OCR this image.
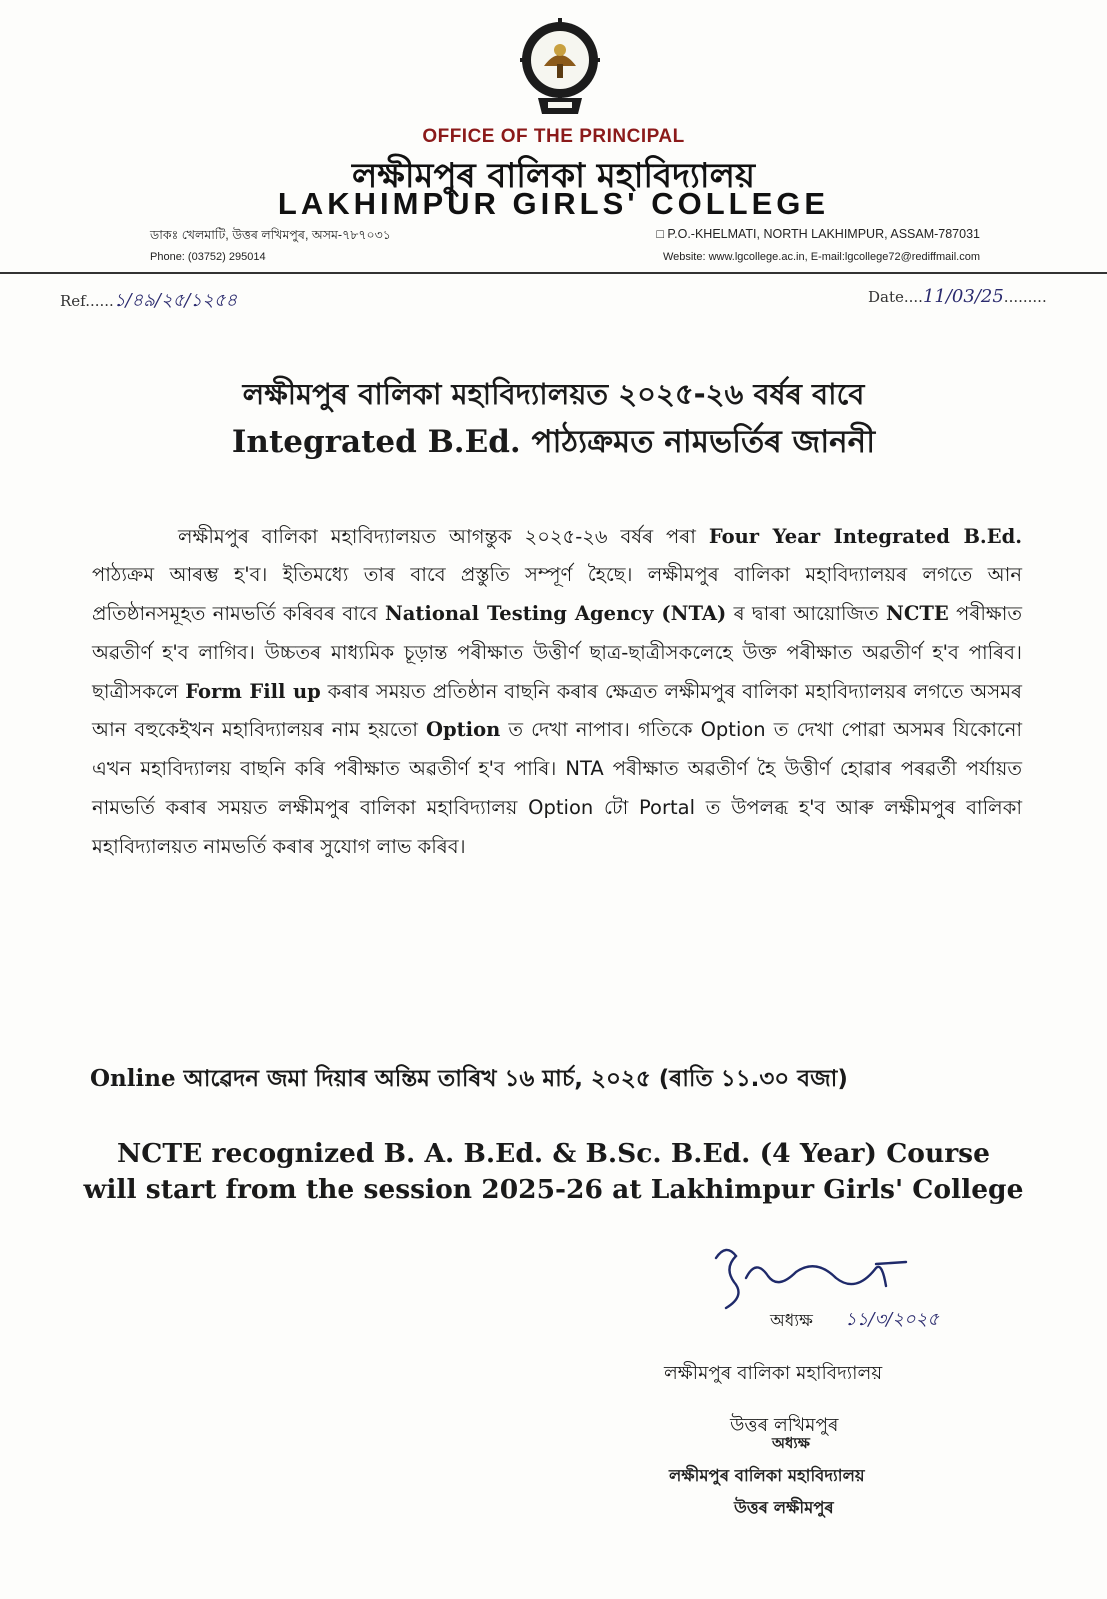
OFFICE OF THE PRINCIPAL
লক্ষীমপুৰ বালিকা মহাবিদ্যালয়
LAKHIMPUR GIRLS' COLLEGE
ডাকঃ খেলমাটি, উত্তৰ লখিমপুৰ, অসম-৭৮৭০৩১	□ P.O.-KHELMATI, NORTH LAKHIMPUR, ASSAM-787031
Phone: (03752) 295014	Website: www.lgcollege.ac.in, E-mail:lgcollege72@rediffmail.com
Ref......১/৪৯/২৫/১২৫৪	Date....11/03/25.........
লক্ষীমপুৰ বালিকা মহাবিদ্যালয়ত ২০২৫-২৬ বৰ্ষৰ বাবে
Integrated B.Ed. পাঠ্যক্ৰমত নামভৰ্তিৰ জাননী

লক্ষীমপুৰ বালিকা মহাবিদ্যালয়ত আগন্তুক ২০২৫-২৬ বৰ্ষৰ পৰা Four Year Integrated B.Ed. পাঠ্যক্ৰম আৰম্ভ হ'ব। ইতিমধ্যে তাৰ বাবে প্ৰস্তুতি সম্পূৰ্ণ হৈছে। লক্ষীমপুৰ বালিকা মহাবিদ্যালয়ৰ লগতে আন প্ৰতিষ্ঠানসমূহত নামভৰ্তি কৰিবৰ বাবে National Testing Agency (NTA) ৰ দ্বাৰা আয়োজিত NCTE পৰীক্ষাত অৱতীৰ্ণ হ'ব লাগিব। উচ্চতৰ মাধ্যমিক চূড়ান্ত পৰীক্ষাত উত্তীৰ্ণ ছাত্ৰ-ছাত্ৰীসকলেহে উক্ত পৰীক্ষাত অৱতীৰ্ণ হ'ব পাৰিব। ছাত্ৰীসকলে Form Fill up কৰাৰ সময়ত প্ৰতিষ্ঠান বাছনি কৰাৰ ক্ষেত্ৰত লক্ষীমপুৰ বালিকা মহাবিদ্যালয়ৰ লগতে অসমৰ আন বহুকেইখন মহাবিদ্যালয়ৰ নাম হয়তো Option ত দেখা নাপাব। গতিকে Option ত দেখা পোৱা অসমৰ যিকোনো এখন মহাবিদ্যালয় বাছনি কৰি পৰীক্ষাত অৱতীৰ্ণ হ'ব পাৰি। NTA পৰীক্ষাত অৱতীৰ্ণ হৈ উত্তীৰ্ণ হোৱাৰ পৰৱৰ্তী পৰ্যায়ত নামভৰ্তি কৰাৰ সময়ত লক্ষীমপুৰ বালিকা মহাবিদ্যালয় Option টো Portal ত উপলব্ধ হ'ব আৰু লক্ষীমপুৰ বালিকা মহাবিদ্যালয়ত নামভৰ্তি কৰাৰ সুযোগ লাভ কৰিব।

Online আৱেদন জমা দিয়াৰ অন্তিম তাৰিখ ১৬ মাৰ্চ, ২০২৫ (ৰাতি ১১.৩০ বজা)
NCTE recognized B. A. B.Ed. & B.Sc. B.Ed. (4 Year) Course
will start from the session 2025-26 at Lakhimpur Girls' College
অধ্যক্ষ ১১/৩/২০২৫
লক্ষীমপুৰ বালিকা মহাবিদ্যালয়
উত্তৰ লখিমপুৰ
অধ্যক্ষ
লক্ষীমপুৰ বালিকা মহাবিদ্যালয়
উত্তৰ লক্ষীমপুৰ
